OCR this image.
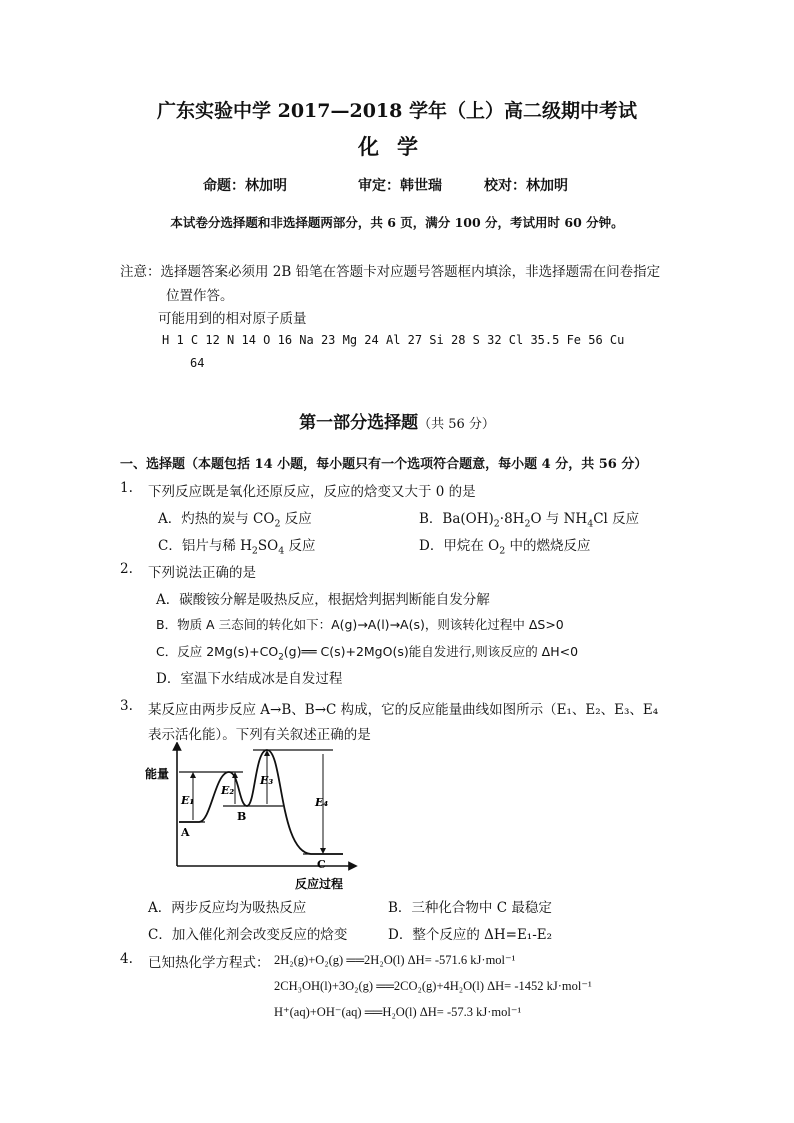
广东实验中学 2017—2018 学年（上）高二级期中考试
化学
命题：林加明	审定：韩世瑞	校对：林加明
本试卷分选择题和非选择题两部分，共 6 页，满分 100 分，考试用时 60 分钟。
注意：选择题答案必须用 2B 铅笔在答题卡对应题号答题框内填涂，非选择题需在问卷指定
位置作答。
可能用到的相对原子质量
H 1 C 12 N 14 O 16 Na 23 Mg 24 Al 27 Si 28 S 32 Cl 35.5 Fe 56 Cu
64
第一部分选择题（共 56 分）
一、选择题（本题包括 14 小题，每小题只有一个选项符合题意，每小题 4 分，共 56 分）
1. 下列反应既是氧化还原反应，反应的焓变又大于 0 的是
A．灼热的炭与 $CO_2$ 反应	B．$Ba(OH)_2\cdot 8H_2O$ 与 $NH_4Cl$ 反应
C．铝片与稀 $H_2SO_4$ 反应	D．甲烷在 $O_2$ 中的燃烧反应
2. 下列说法正确的是
A．碳酸铵分解是吸热反应，根据焓判据判断能自发分解
B．物质 A 三态间的转化如下：A(g)→A(l)→A(s)，则该转化过程中 ΔS>0
C．反应 $2Mg(s)+CO_2(g)══$ C(s)+2MgO(s)能自发进行,则该反应的 ΔH<0
D．室温下水结成冰是自发过程
3. 某反应由两步反应 A→B、B→C 构成，它的反应能量曲线如图所示（E₁、E₂、E₃、E₄
表示活化能）。下列有关叙述正确的是
能量
反应过程
A
B
C
E₁
E₂
E₃
E₄
A．两步反应均为吸热反应	B．三种化合物中 C 最稳定
C．加入催化剂会改变反应的焓变	D．整个反应的 ΔH=E₁-E₂
4. 已知热化学方程式： 2H₂(g)+O₂(g) ══2H₂O(l) ΔH= -571.6 kJ·mol⁻¹
2CH₃OH(l)+3O₂(g) ══2CO₂(g)+4H₂O(l) ΔH= -1452 kJ·mol⁻¹
H⁺(aq)+OH⁻(aq) ══H₂O(l) ΔH= -57.3 kJ·mol⁻¹
